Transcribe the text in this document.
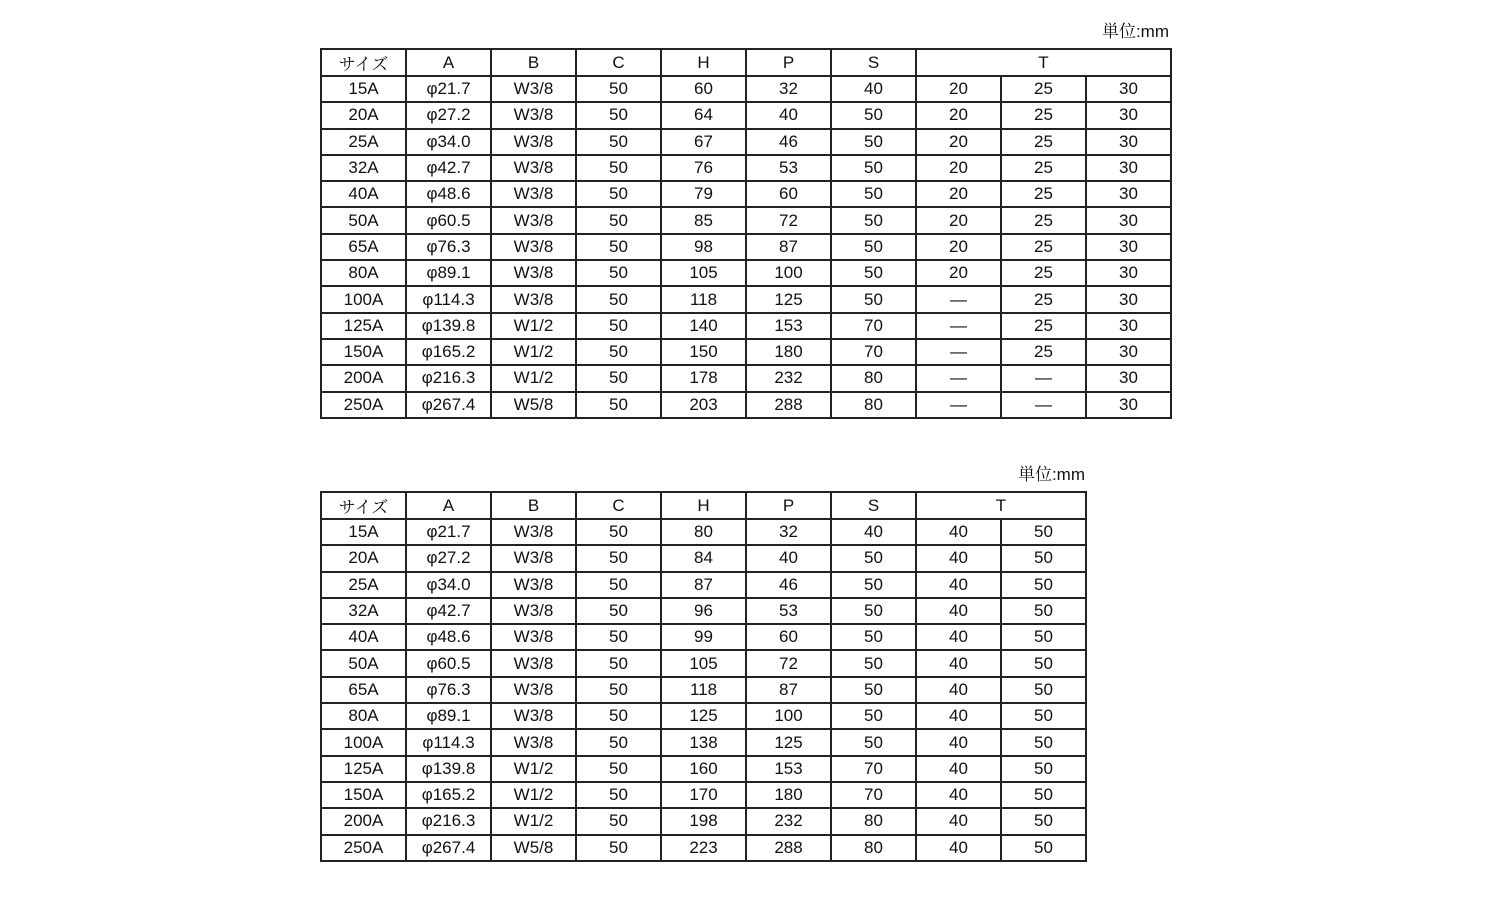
単位:mm
サイズ	A	B	C	H	P	S	T		
15A	φ21.7	W3/8	50	60	32	40	20	25	30
20A	φ27.2	W3/8	50	64	40	50	20	25	30
25A	φ34.0	W3/8	50	67	46	50	20	25	30
32A	φ42.7	W3/8	50	76	53	50	20	25	30
40A	φ48.6	W3/8	50	79	60	50	20	25	30
50A	φ60.5	W3/8	50	85	72	50	20	25	30
65A	φ76.3	W3/8	50	98	87	50	20	25	30
80A	φ89.1	W3/8	50	105	100	50	20	25	30
100A	φ114.3	W3/8	50	118	125	50	—	25	30
125A	φ139.8	W1/2	50	140	153	70	—	25	30
150A	φ165.2	W1/2	50	150	180	70	—	25	30
200A	φ216.3	W1/2	50	178	232	80	—	—	30
250A	φ267.4	W5/8	50	203	288	80	—	—	30
単位:mm
サイズ	A	B	C	H	P	S	T	
15A	φ21.7	W3/8	50	80	32	40	40	50
20A	φ27.2	W3/8	50	84	40	50	40	50
25A	φ34.0	W3/8	50	87	46	50	40	50
32A	φ42.7	W3/8	50	96	53	50	40	50
40A	φ48.6	W3/8	50	99	60	50	40	50
50A	φ60.5	W3/8	50	105	72	50	40	50
65A	φ76.3	W3/8	50	118	87	50	40	50
80A	φ89.1	W3/8	50	125	100	50	40	50
100A	φ114.3	W3/8	50	138	125	50	40	50
125A	φ139.8	W1/2	50	160	153	70	40	50
150A	φ165.2	W1/2	50	170	180	70	40	50
200A	φ216.3	W1/2	50	198	232	80	40	50
250A	φ267.4	W5/8	50	223	288	80	40	50
